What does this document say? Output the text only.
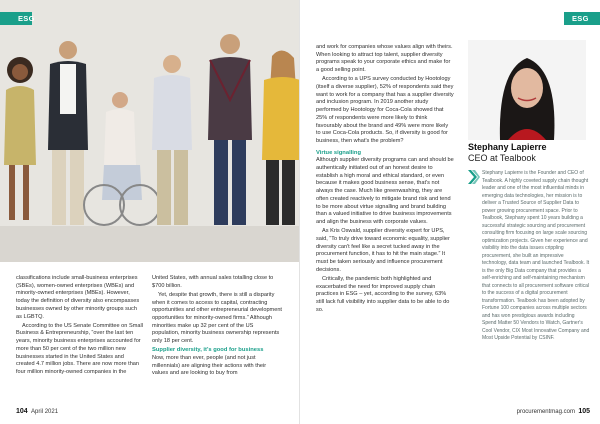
ESG

classifications include small-business enterprises (SBEs), women-owned enterprises (WBEs) and minority-owned enterprises (MBEs). However, today the definition of diversity also encompasses businesses owned by other minority groups such as LGBTQ.

According to the US Senate Committee on Small Business & Entrepreneurship, “over the last ten years, minority business enterprises accounted for more than 50 per cent of the two million new businesses started in the United States and created 4.7 million jobs. There are now more than four million minority-owned companies in the

United States, with annual sales totalling close to $700 billion.

Yet, despite that growth, there is still a disparity when it comes to access to capital, contracting opportunities and other entrepreneurial development opportunities for minority-owned firms.” Although minorities make up 32 per cent of the US population, minority business ownership represents only 18 per cent.

Supplier diversity, it's good for business

Now, more than ever, people (and not just millennials) are aligning their actions with their values and are looking to buy from

104 April 2021
ESG

and work for companies whose values align with theirs. When looking to attract top talent, supplier diversity programs speak to your corporate ethics and make for a good selling point.

According to a UPS survey conducted by Hootology (itself a diverse supplier), 52% of respondents said they want to work for a company that has a supplier diversity and inclusion program. In 2019 another study performed by Hootology for Coca-Cola showed that 25% of respondents were more likely to think favourably about the brand and 49% were more likely to use Coca-Cola products. So, if diversity is good for business, then what's the problem?

Virtue signalling

Although supplier diversity programs can and should be authentically initiated out of an honest desire to establish a high moral and ethical standard, or even because it makes good business sense, that's not always the case. Much like greenwashing, they are often created reactively to mitigate brand risk and tend to be more about virtue signalling and brand building than a valued initiative to drive business improvements and align the business with corporate values.

As Kris Oswald, supplier diversity expert for UPS, said, “To truly drive toward economic equality, supplier diversity can't feel like a secret tucked away in the procurement function, it has to hit the main stage.” It must be taken seriously and influence procurement decisions.

Critically, the pandemic both highlighted and exacerbated the need for improved supply chain practices in ESG – yet, according to the survey, 63% still lack full visibility into supplier data to be able to do so.

Stephany Lapierre
CEO at Tealbook
Stephany Lapierre is the Founder and CEO of Tealbook. A highly coveted supply chain thought leader and one of the most influential minds in emerging data technologies, her mission is to deliver a Trusted Source of Supplier Data to power growing procurement space. Prior to Tealbook, Stephany spent 10 years building a successful strategic sourcing and procurement consulting firm focusing on large scale sourcing optimization projects. Given her experience and visibility into the data issues crippling procurement, she built an impressive technology, data team and launched Tealbook. It is the only Big Data company that provides a self-enriching and self-maintaining mechanism that connects to all procurement software critical to the success of a digital procurement transformation. Tealbook has been adopted by Fortune 100 companies across multiple sectors and has won prestigious awards including Spend Matter 50 Vendors to Watch, Gartner's Cool Vendor, CIX Most Innovative Company and Most Upside Potential by CSINF.
procurementmag.com 105
